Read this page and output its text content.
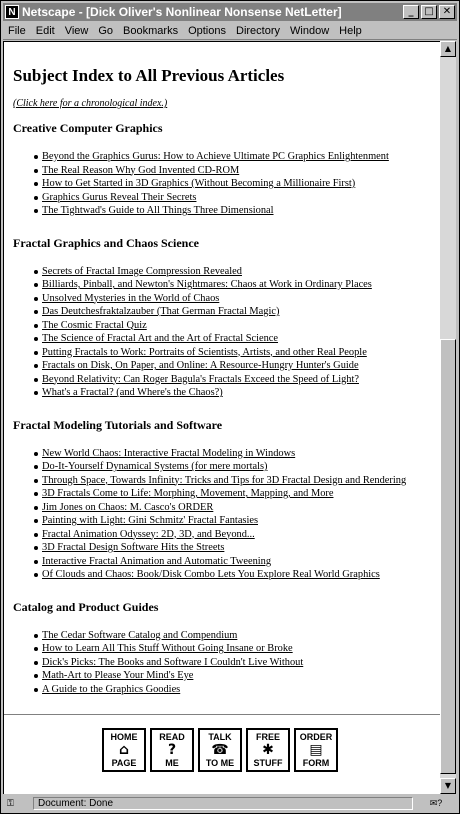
N Netscape - [Dick Oliver's Nonlinear Nonsense NetLetter]	_	□ ✕
File Edit View Go Bookmarks Options Directory Window Help
Subject Index to All Previous Articles
(Click here for a chronological index.)
Creative Computer Graphics
Beyond the Graphics Gurus: How to Achieve Ultimate PC Graphics Enlightenment
The Real Reason Why God Invented CD-ROM
How to Get Started in 3D Graphics (Without Becoming a Millionaire First)
Graphics Gurus Reveal Their Secrets
The Tightwad's Guide to All Things Three Dimensional
Fractal Graphics and Chaos Science
Secrets of Fractal Image Compression Revealed
Billiards, Pinball, and Newton's Nightmares: Chaos at Work in Ordinary Places
Unsolved Mysteries in the World of Chaos
Das Deutchesfraktalzauber (That German Fractal Magic)
The Cosmic Fractal Quiz
The Science of Fractal Art and the Art of Fractal Science
Putting Fractals to Work: Portraits of Scientists, Artists, and other Real People
Fractals on Disk, On Paper, and Online: A Resource-Hungry Hunter's Guide
Beyond Relativity: Can Roger Bagula's Fractals Exceed the Speed of Light?
What's a Fractal? (and Where's the Chaos?)
Fractal Modeling Tutorials and Software
New World Chaos: Interactive Fractal Modeling in Windows
Do-It-Yourself Dynamical Systems (for mere mortals)
Through Space, Towards Infinity: Tricks and Tips for 3D Fractal Design and Rendering
3D Fractals Come to Life: Morphing, Movement, Mapping, and More
Jim Jones on Chaos: M. Casco's ORDER
Painting with Light: Gini Schmitz' Fractal Fantasies
Fractal Animation Odyssey: 2D, 3D, and Beyond...
3D Fractal Design Software Hits the Streets
Interactive Fractal Animation and Automatic Tweening
Of Clouds and Chaos: Book/Disk Combo Lets You Explore Real World Graphics
Catalog and Product Guides
The Cedar Software Catalog and Compendium
How to Learn All This Stuff Without Going Insane or Broke
Dick's Picks: The Books and Software I Couldn't Live Without
Math-Art to Please Your Mind's Eye
A Guide to the Graphics Goodies
HOME
⌂
PAGE
READ
?
ME
TALK
☎
TO ME
FREE
✱
STUFF
ORDER
▤
FORM
▲
▼
⚿	Document: Done	✉?
